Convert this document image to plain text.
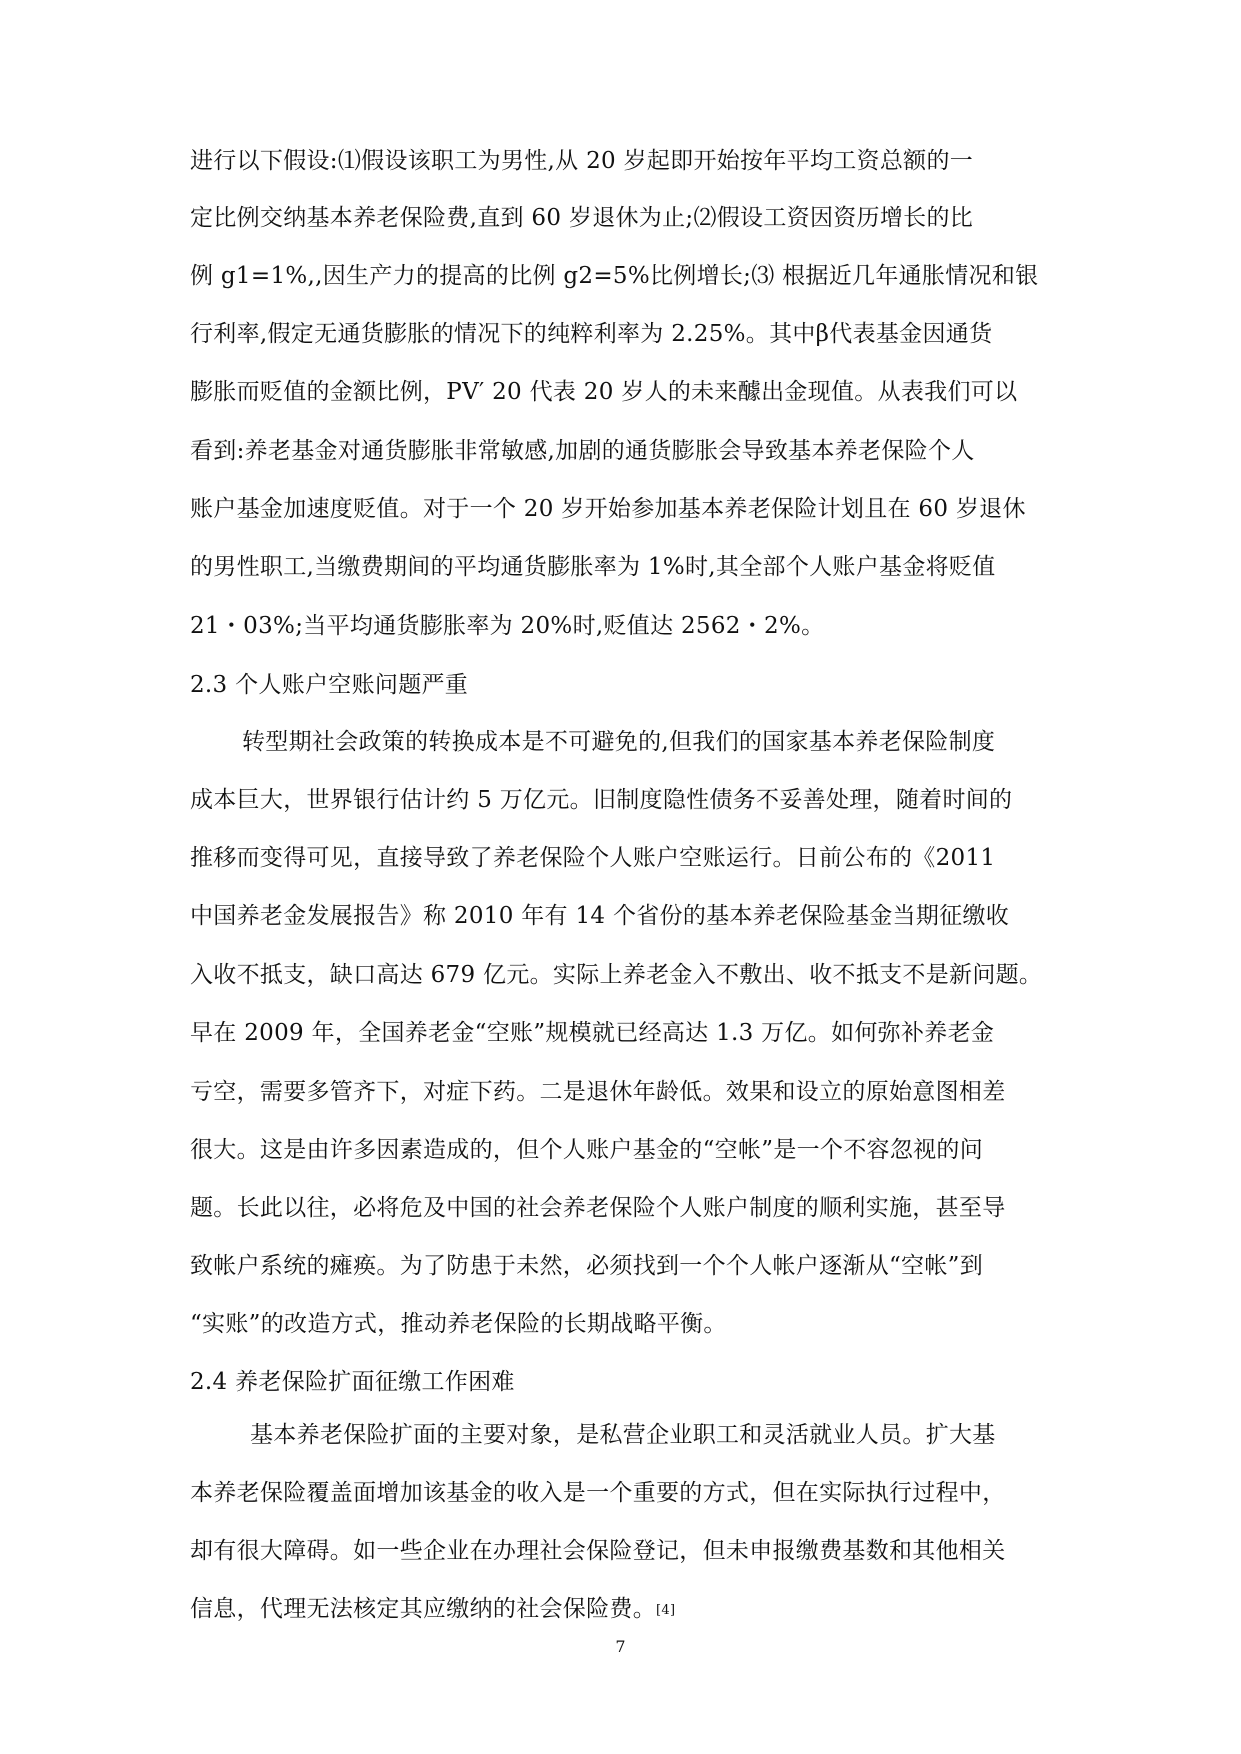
进行以下假设:⑴假设该职工为男性,从 20 岁起即开始按年平均工资总额的一
定比例交纳基本养老保险费,直到 60 岁退休为止;⑵假设工资因资历增长的比
例 g1=1%,,因生产力的提高的比例 g2=5%比例增长;⑶ 根据近几年通胀情况和银
行利率,假定无通货膨胀的情况下的纯粹利率为 2.25%。其中β代表基金因通货
膨胀而贬值的金额比例，PV′ 20 代表 20 岁人的未来醵出金现值。从表我们可以
看到:养老基金对通货膨胀非常敏感,加剧的通货膨胀会导致基本养老保险个人
账户基金加速度贬值。对于一个 20 岁开始参加基本养老保险计划且在 60 岁退休
的男性职工,当缴费期间的平均通货膨胀率为 1%时,其全部个人账户基金将贬值
21・03%;当平均通货膨胀率为 20%时,贬值达 2562・2%。
2.3 个人账户空账问题严重
转型期社会政策的转换成本是不可避免的,但我们的国家基本养老保险制度
成本巨大，世界银行估计约 5 万亿元。旧制度隐性债务不妥善处理，随着时间的
推移而变得可见，直接导致了养老保险个人账户空账运行。日前公布的《2011
中国养老金发展报告》称 2010 年有 14 个省份的基本养老保险基金当期征缴收
入收不抵支，缺口高达 679 亿元。实际上养老金入不敷出、收不抵支不是新问题。
早在 2009 年，全国养老金“空账”规模就已经高达 1.3 万亿。如何弥补养老金
亏空，需要多管齐下，对症下药。二是退休年龄低。效果和设立的原始意图相差
很大。这是由许多因素造成的，但个人账户基金的“空帐”是一个不容忽视的问
题。长此以往，必将危及中国的社会养老保险个人账户制度的顺利实施，甚至导
致帐户系统的瘫痪。为了防患于未然，必须找到一个个人帐户逐渐从“空帐”到
“实账”的改造方式，推动养老保险的长期战略平衡。
2.4 养老保险扩面征缴工作困难
基本养老保险扩面的主要对象，是私营企业职工和灵活就业人员。扩大基
本养老保险覆盖面增加该基金的收入是一个重要的方式，但在实际执行过程中，
却有很大障碍。如一些企业在办理社会保险登记，但未申报缴费基数和其他相关
信息，代理无法核定其应缴纳的社会保险费。[4]
7
